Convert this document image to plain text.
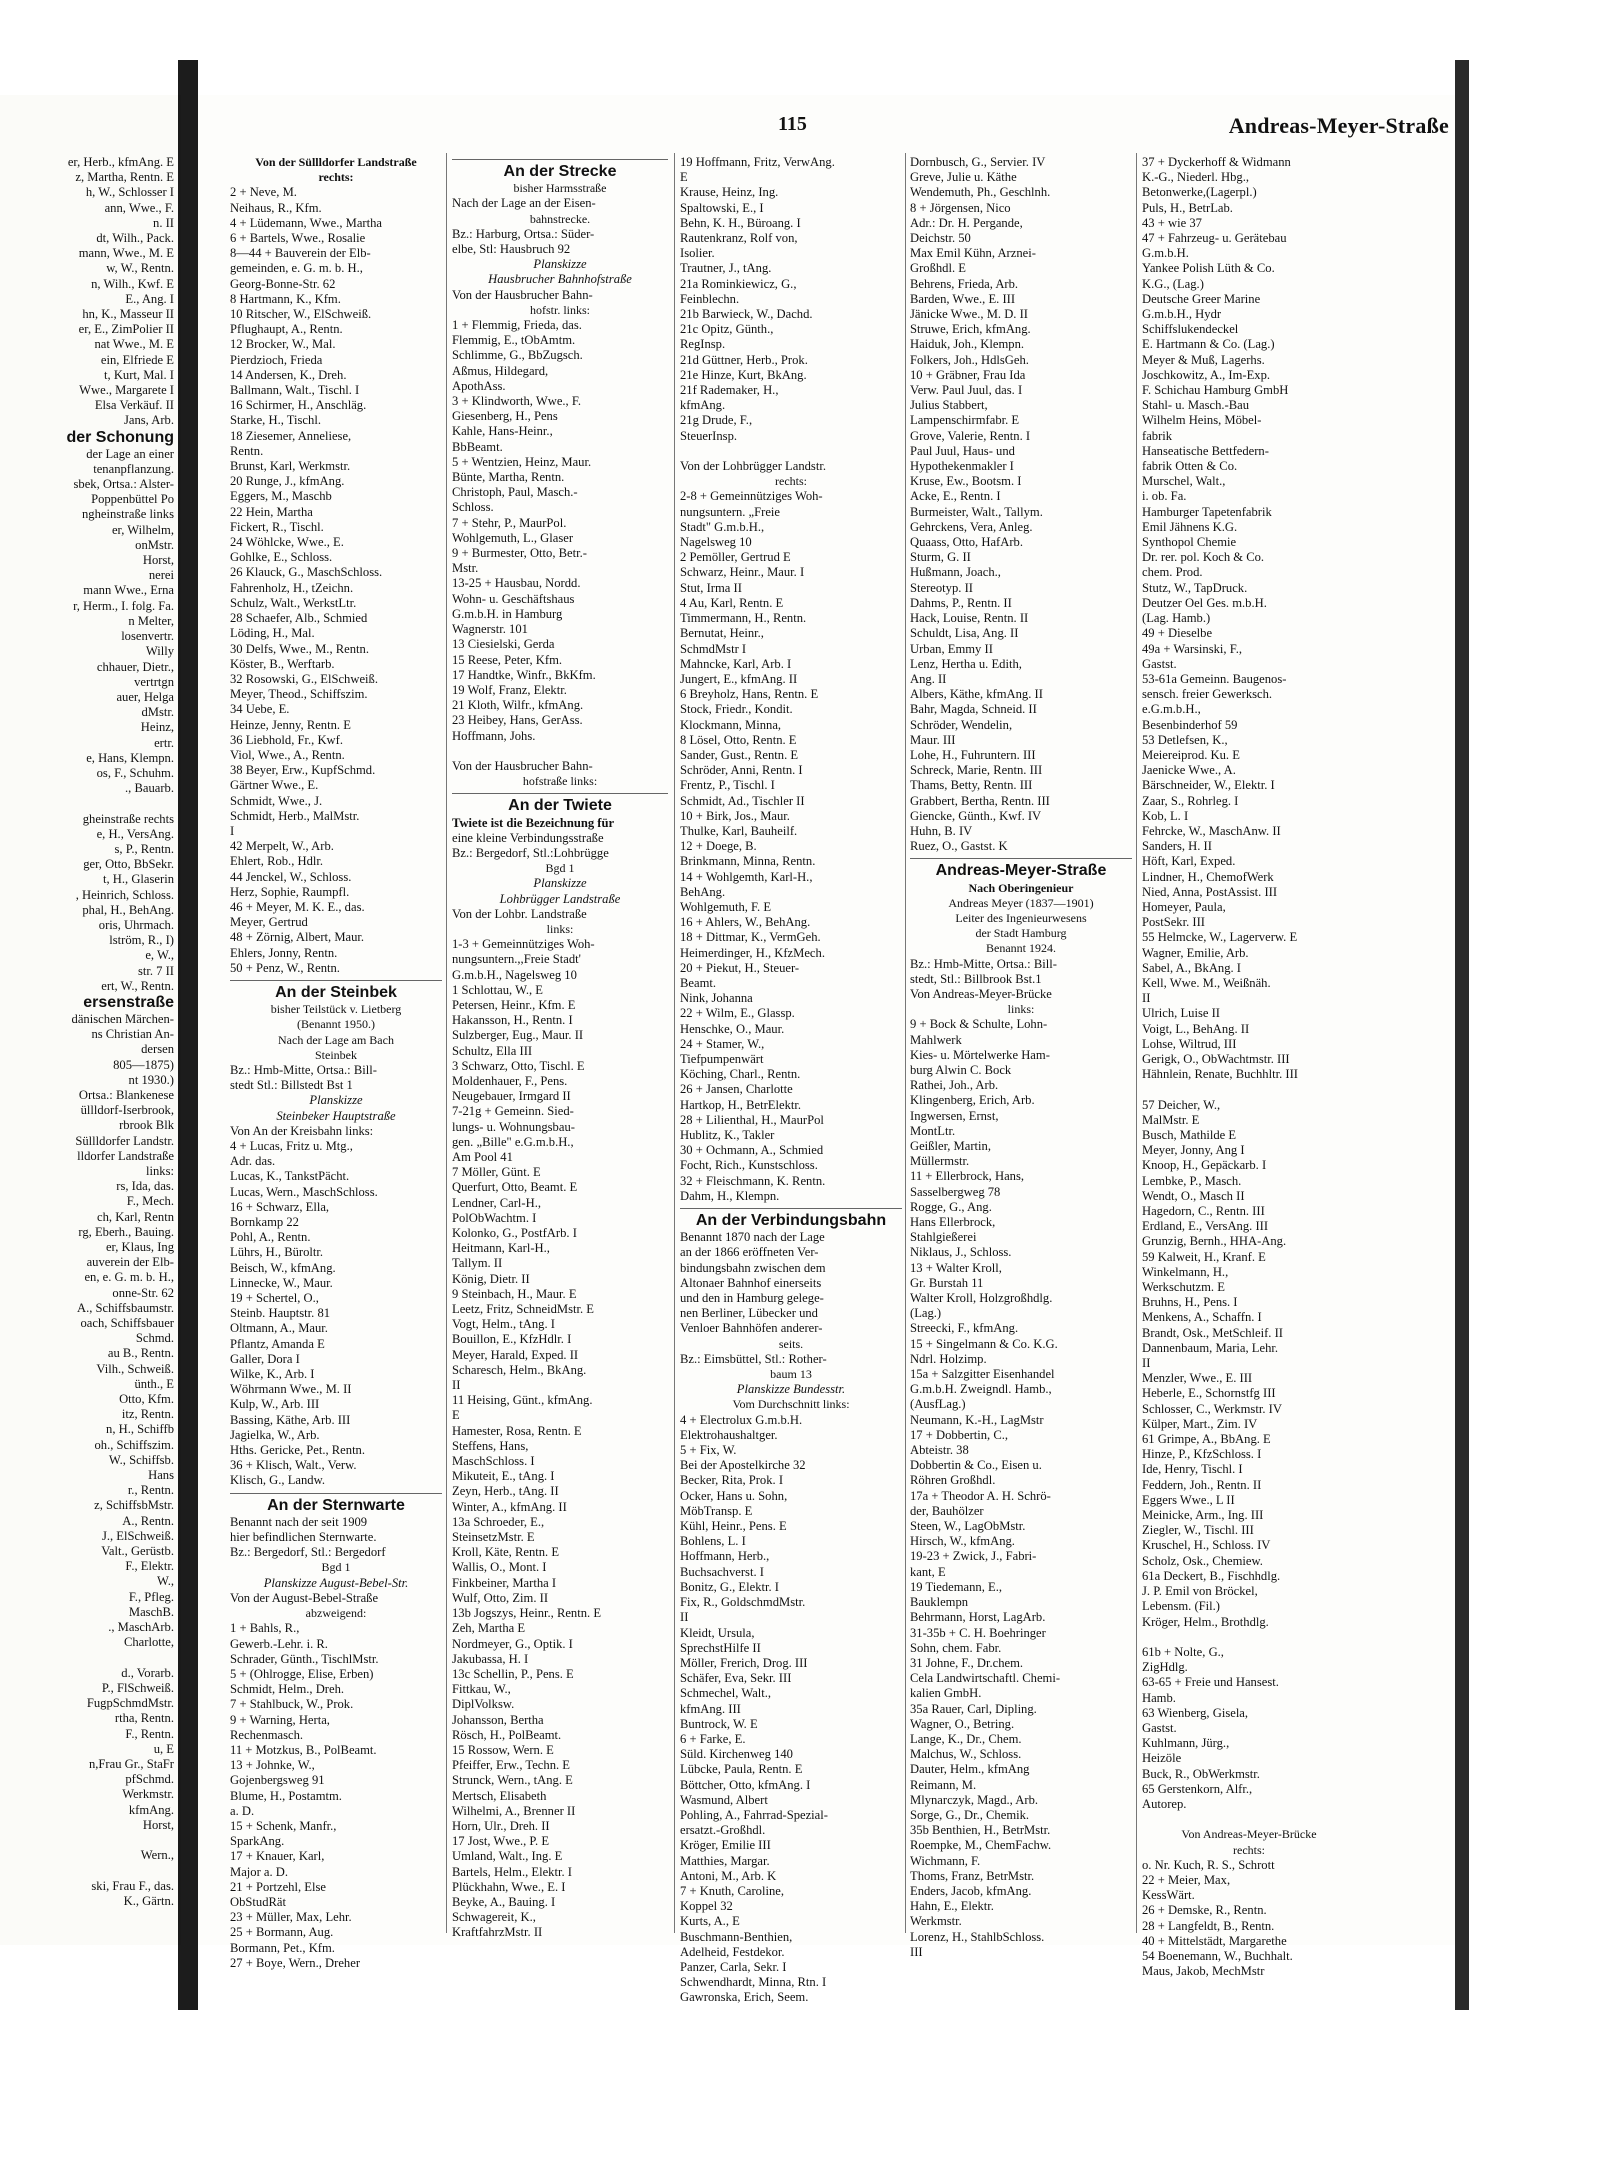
er, Herb., kfmAng. E
z, Martha, Rentn. E
h, W., Schlosser I
ann, Wwe., F.
n. II
dt, Wilh., Pack.
mann, Wwe., M. E
w, W., Rentn.
n, Wilh., Kwf. E
E., Ang. I
hn, K., Masseur II
er, E., ZimPolier II
nat Wwe., M. E
ein, Elfriede E
t, Kurt, Mal. I
Wwe., Margarete I
Elsa Verkäuf. II
Jans, Arb.
der Schonung
der Lage an einer
tenanpflanzung.
sbek, Ortsa.: Alster-
Poppenbüttel Po
ngheinstraße links
er, Wilhelm,
onMstr.
Horst,
nerei
mann Wwe., Erna
r, Herm., I. folg. Fa.
n Melter,
losenvertr.
Willy
chhauer, Dietr.,
vertrtgn
auer, Helga
dMstr.
Heinz,
ertr.
e, Hans, Klempn.
os, F., Schuhm.
., Bauarb.

gheinstraße rechts
e, H., VersAng.
s, P., Rentn.
ger, Otto, BbSekr.
t, H., Glaserin
, Heinrich, Schloss.
phal, H., BehAng.
oris, Uhrmach.
lström, R., I)
e, W.,
str. 7 II
ert, W., Rentn.
ersenstraße
dänischen Märchen-
ns Christian An-
dersen
805—1875)
nt 1930.)
Ortsa.: Blankenese
üllldorf-Iserbrook,
rbrook Blk
Süllldorfer Landstr.
lldorfer Landstraße
links:
rs, Ida, das.
F., Mech.
ch, Karl, Rentn
rg, Eberh., Bauing.
er, Klaus, Ing
auverein der Elb-
en, e. G. m. b. H.,
onne-Str. 62
A., Schiffsbaumstr.
oach, Schiffsbauer
Schmd.
au B., Rentn.
Vilh., Schweiß.
ünth., E
Otto, Kfm.
itz, Rentn.
n, H., Schiffb
oh., Schiffszim.
W., Schiffsb.
Hans
r., Rentn.
z, SchiffsbMstr.
A., Rentn.
J., ElSchweiß.
Valt., Gerüstb.
F., Elektr.
W.,
F., Pfleg.
MaschB.
., MaschArb.
Charlotte,

d., Vorarb.
P., FlSchweiß.
FugpSchmdMstr.
rtha, Rentn.
F., Rentn.
u, E
n,Frau Gr., StaFr
pfSchmd.
Werkmstr.
kfmAng.
Horst,

Wern.,

ski, Frau F., das.
K., Gärtn.
115	Andreas-Meyer-Straße
Von der Süllldorfer Landstraße
rechts:
2 + Neve, M.
Neihaus, R., Kfm.
4 + Lüdemann, Wwe., Martha
6 + Bartels, Wwe., Rosalie
8—44 + Bauverein der Elb-
gemeinden, e. G. m. b. H.,
Georg-Bonne-Str. 62
8 Hartmann, K., Kfm.
10 Ritscher, W., ElSchweiß.
Pflughaupt, A., Rentn.
12 Brocker, W., Mal.
Pierdzioch, Frieda
14 Andersen, K., Dreh.
Ballmann, Walt., Tischl. I
16 Schirmer, H., Anschläg.
Starke, H., Tischl.
18 Ziesemer, Anneliese,
Rentn.
Brunst, Karl, Werkmstr.
20 Runge, J., kfmAng.
Eggers, M., Maschb
22 Hein, Martha
Fickert, R., Tischl.
24 Wöhlcke, Wwe., E.
Gohlke, E., Schloss.
26 Klauck, G., MaschSchloss.
Fahrenholz, H., tZeichn.
Schulz, Walt., WerkstLtr.
28 Schaefer, Alb., Schmied
Löding, H., Mal.
30 Delfs, Wwe., M., Rentn.
Köster, B., Werftarb.
32 Rosowski, G., ElSchweiß.
Meyer, Theod., Schiffszim.
34 Uebe, E.
Heinze, Jenny, Rentn. E
36 Liebhold, Fr., Kwf.
Viol, Wwe., A., Rentn.
38 Beyer, Erw., KupfSchmd.
Gärtner Wwe., E.
Schmidt, Wwe., J.
Schmidt, Herb., MalMstr.
I
42 Merpelt, W., Arb.
Ehlert, Rob., Hdlr.
44 Jenckel, W., Schloss.
Herz, Sophie, Raumpfl.
46 + Meyer, M. K. E., das.
Meyer, Gertrud
48 + Zörnig, Albert, Maur.
Ehlers, Jonny, Rentn.
50 + Penz, W., Rentn.
An der Steinbek
bisher Teilstück v. Lietberg
(Benannt 1950.)
Nach der Lage am Bach
Steinbek
Bz.: Hmb-Mitte, Ortsa.: Bill-
stedt Stl.: Billstedt Bst 1
Planskizze
Steinbeker Hauptstraße
Von An der Kreisbahn links:
4 + Lucas, Fritz u. Mtg.,
Adr. das.
Lucas, K., TankstPächt.
Lucas, Wern., MaschSchloss.
16 + Schwarz, Ella,
Bornkamp 22
Pohl, A., Rentn.
Lührs, H., Büroltr.
Beisch, W., kfmAng.
Linnecke, W., Maur.
19 + Schertel, O.,
Steinb. Hauptstr. 81
Oltmann, A., Maur.
Pflantz, Amanda E
Galler, Dora I
Wilke, K., Arb. I
Wöhrmann Wwe., M. II
Kulp, W., Arb. III
Bassing, Käthe, Arb. III
Jagielka, W., Arb.
Hths. Gericke, Pet., Rentn.
36 + Klisch, Walt., Verw.
Klisch, G., Landw.
An der Sternwarte
Benannt nach der seit 1909
hier befindlichen Sternwarte.
Bz.: Bergedorf, Stl.: Bergedorf
Bgd 1
Planskizze August-Bebel-Str.
Von der August-Bebel-Straße
abzweigend:
1 + Bahls, R.,
Gewerb.-Lehr. i. R.
Schrader, Günth., TischlMstr.
5 + (Ohlrogge, Elise, Erben)
Schmidt, Helm., Dreh.
7 + Stahlbuck, W., Prok.
9 + Warning, Herta,
Rechenmasch.
11 + Motzkus, B., PolBeamt.
13 + Johnke, W.,
Gojenbergsweg 91
Blume, H., Postamtm.
a. D.
15 + Schenk, Manfr.,
SparkAng.
17 + Knauer, Karl,
Major a. D.
21 + Portzehl, Else
ObStudRät
23 + Müller, Max, Lehr.
25 + Bormann, Aug.
Bormann, Pet., Kfm.
27 + Boye, Wern., Dreher
An der Strecke
bisher Harmsstraße
Nach der Lage an der Eisen-
bahnstrecke.
Bz.: Harburg, Ortsa.: Süder-
elbe, Stl: Hausbruch 92
Planskizze
Hausbrucher Bahnhofstraße
Von der Hausbrucher Bahn-
hofstr. links:
1 + Flemmig, Frieda, das.
Flemmig, E., tObAmtm.
Schlimme, G., BbZugsch.
Aßmus, Hildegard,
ApothAss.
3 + Klindworth, Wwe., F.
Giesenberg, H., Pens
Kahle, Hans-Heinr.,
BbBeamt.
5 + Wentzien, Heinz, Maur.
Bünte, Martha, Rentn.
Christoph, Paul, Masch.-
Schloss.
7 + Stehr, P., MaurPol.
Wohlgemuth, L., Glaser
9 + Burmester, Otto, Betr.-
Mstr.
13-25 + Hausbau, Nordd.
Wohn- u. Geschäftshaus
G.m.b.H. in Hamburg
Wagnerstr. 101
13 Ciesielski, Gerda
15 Reese, Peter, Kfm.
17 Handtke, Winfr., BkKfm.
19 Wolf, Franz, Elektr.
21 Kloth, Wilfr., kfmAng.
23 Heibey, Hans, GerAss.
Hoffmann, Johs.

Von der Hausbrucher Bahn-
hofstraße links:
An der Twiete
Twiete ist die Bezeichnung für
eine kleine Verbindungsstraße
Bz.: Bergedorf, Stl.:Lohbrügge
Bgd 1
Planskizze
Lohbrügger Landstraße
Von der Lohbr. Landstraße
links:
1-3 + Gemeinnütziges Woh-
nungsuntern.,,Freie Stadt'
G.m.b.H., Nagelsweg 10
1 Schlottau, W., E
Petersen, Heinr., Kfm. E
Hakansson, H., Rentn. I
Sulzberger, Eug., Maur. II
Schultz, Ella III
3 Schwarz, Otto, Tischl. E
Moldenhauer, F., Pens.
Neugebauer, Irmgard II
7-21g + Gemeinn. Sied-
lungs- u. Wohnungsbau-
gen. „Bille" e.G.m.b.H.,
Am Pool 41
7 Möller, Günt. E
Querfurt, Otto, Beamt. E
Lendner, Carl-H.,
PolObWachtm. I
Kolonko, G., PostfArb. I
Heitmann, Karl-H.,
Tallym. II
König, Dietr. II
9 Steinbach, H., Maur. E
Leetz, Fritz, SchneidMstr. E
Vogt, Helm., tAng. I
Bouillon, E., KfzHdlr. I
Meyer, Harald, Exped. II
Scharesch, Helm., BkAng.
II
11 Heising, Günt., kfmAng.
E
Hamester, Rosa, Rentn. E
Steffens, Hans,
MaschSchloss. I
Mikuteit, E., tAng. I
Zeyn, Herb., tAng. II
Winter, A., kfmAng. II
13a Schroeder, E.,
SteinsetzMstr. E
Kroll, Käte, Rentn. E
Wallis, O., Mont. I
Finkbeiner, Martha I
Wulf, Otto, Zim. II
13b Jogszys, Heinr., Rentn. E
Zeh, Martha E
Nordmeyer, G., Optik. I
Jakubassa, H. I
13c Schellin, P., Pens. E
Fittkau, W.,
DiplVolksw.
Johansson, Bertha
Rösch, H., PolBeamt.
15 Rossow, Wern. E
Pfeiffer, Erw., Techn. E
Strunck, Wern., tAng. E
Mertsch, Elisabeth
Wilhelmi, A., Brenner II
Horn, Ulr., Dreh. II
17 Jost, Wwe., P. E
Umland, Walt., Ing. E
Bartels, Helm., Elektr. I
Plückhahn, Wwe., E. I
Beyke, A., Bauing. I
Schwagereit, K.,
KraftfahrzMstr. II
19 Hoffmann, Fritz, VerwAng.
E
Krause, Heinz, Ing.
Spaltowski, E., I
Behn, K. H., Büroang. I
Rautenkranz, Rolf von,
Isolier.
Trautner, J., tAng.
21a Rominkiewicz, G.,
Feinblechn.
21b Barwieck, W., Dachd.
21c Opitz, Günth.,
RegInsp.
21d Güttner, Herb., Prok.
21e Hinze, Kurt, BkAng.
21f Rademaker, H.,
kfmAng.
21g Drude, F.,
SteuerInsp.

Von der Lohbrügger Landstr.
rechts:
2-8 + Gemeinnütziges Woh-
nungsuntern. „Freie
Stadt" G.m.b.H.,
Nagelsweg 10
2 Pemöller, Gertrud E
Schwarz, Heinr., Maur. I
Stut, Irma II
4 Au, Karl, Rentn. E
Timmermann, H., Rentn.
Bernutat, Heinr.,
SchmdMstr I
Mahncke, Karl, Arb. I
Jungert, E., kfmAng. II
6 Breyholz, Hans, Rentn. E
Stock, Friedr., Kondit.
Klockmann, Minna,
8 Lösel, Otto, Rentn. E
Sander, Gust., Rentn. E
Schröder, Anni, Rentn. I
Frentz, P., Tischl. I
Schmidt, Ad., Tischler II
10 + Birk, Jos., Maur.
Thulke, Karl, Bauheilf.
12 + Doege, B.
Brinkmann, Minna, Rentn.
14 + Wohlgemth, Karl-H.,
BehAng.
Wohlgemuth, F. E
16 + Ahlers, W., BehAng.
18 + Dittmar, K., VermGeh.
Heimerdinger, H., KfzMech.
20 + Piekut, H., Steuer-
Beamt.
Nink, Johanna
22 + Wilm, E., Glassp.
Henschke, O., Maur.
24 + Stamer, W.,
Tiefpumpenwärt
Köching, Charl., Rentn.
26 + Jansen, Charlotte
Hartkop, H., BetrElektr.
28 + Lilienthal, H., MaurPol
Hublitz, K., Takler
30 + Ochmann, A., Schmied
Focht, Rich., Kunstschloss.
32 + Fleischmann, K. Rentn.
Dahm, H., Klempn.
An der Verbindungsbahn
Benannt 1870 nach der Lage
an der 1866 eröffneten Ver-
bindungsbahn zwischen dem
Altonaer Bahnhof einerseits
und den in Hamburg gelege-
nen Berliner, Lübecker und
Venloer Bahnhöfen anderer-
seits.
Bz.: Eimsbüttel, Stl.: Rother-
baum 13
Planskizze Bundesstr.
Vom Durchschnitt links:
4 + Electrolux G.m.b.H.
Elektrohaushaltger.
5 + Fix, W.
Bei der Apostelkirche 32
Becker, Rita, Prok. I
Ocker, Hans u. Sohn,
MöbTransp. E
Kühl, Heinr., Pens. E
Bohlens, L. I
Hoffmann, Herb.,
Buchsachverst. I
Bonitz, G., Elektr. I
Fix, R., GoldschmdMstr.
II
Kleidt, Ursula,
SprechstHilfe II
Möller, Frerich, Drog. III
Schäfer, Eva, Sekr. III
Schmechel, Walt.,
kfmAng. III
Buntrock, W. E
6 + Farke, E.
Süld. Kirchenweg 140
Lübcke, Paula, Rentn. E
Böttcher, Otto, kfmAng. I
Wasmund, Albert
Pohling, A., Fahrrad-Spezial-
ersatzt.-Großhdl.
Kröger, Emilie III
Matthies, Margar.
Antoni, M., Arb. K
7 + Knuth, Caroline,
Koppel 32
Kurts, A., E
Buschmann-Benthien,
Adelheid, Festdekor.
Panzer, Carla, Sekr. I
Schwendhardt, Minna, Rtn. I
Gawronska, Erich, Seem.
Dornbusch, G., Servier. IV
Greve, Julie u. Käthe
Wendemuth, Ph., Geschlnh.
8 + Jörgensen, Nico
Adr.: Dr. H. Pergande,
Deichstr. 50
Max Emil Kühn, Arznei-
Großhdl. E
Behrens, Frieda, Arb.
Barden, Wwe., E. III
Jänicke Wwe., M. D. II
Struwe, Erich, kfmAng.
Haiduk, Joh., Klempn.
Folkers, Joh., HdlsGeh.
10 + Gräbner, Frau Ida
Verw. Paul Juul, das. I
Julius Stabbert,
Lampenschirmfabr. E
Grove, Valerie, Rentn. I
Paul Juul, Haus- und
Hypothekenmakler I
Kruse, Ew., Bootsm. I
Acke, E., Rentn. I
Burmeister, Walt., Tallym.
Gehrckens, Vera, Anleg.
Quaass, Otto, HafArb.
Sturm, G. II
Hußmann, Joach.,
Stereotyp. II
Dahms, P., Rentn. II
Hack, Louise, Rentn. II
Schuldt, Lisa, Ang. II
Urban, Emmy II
Lenz, Hertha u. Edith,
Ang. II
Albers, Käthe, kfmAng. II
Bahr, Magda, Schneid. II
Schröder, Wendelin,
Maur. III
Lohe, H., Fuhruntern. III
Schreck, Marie, Rentn. III
Thams, Betty, Rentn. III
Grabbert, Bertha, Rentn. III
Giencke, Günth., Kwf. IV
Huhn, B. IV
Ruez, O., Gastst. K
Andreas-Meyer-Straße
Nach Oberingenieur
Andreas Meyer (1837—1901)
Leiter des Ingenieurwesens
der Stadt Hamburg
Benannt 1924.
Bz.: Hmb-Mitte, Ortsa.: Bill-
stedt, Stl.: Billbrook Bst.1
Von Andreas-Meyer-Brücke
links:
9 + Bock & Schulte, Lohn-
Mahlwerk
Kies- u. Mörtelwerke Ham-
burg Alwin C. Bock
Rathei, Joh., Arb.
Klingenberg, Erich, Arb.
Ingwersen, Ernst,
MontLtr.
Geißler, Martin,
Müllermstr.
11 + Ellerbrock, Hans,
Sasselbergweg 78
Rogge, G., Ang.
Hans Ellerbrock,
Stahlgießerei
Niklaus, J., Schloss.
13 + Walter Kroll,
Gr. Burstah 11
Walter Kroll, Holzgroßhdlg.
(Lag.)
Streecki, F., kfmAng.
15 + Singelmann & Co. K.G.
Ndrl. Holzimp.
15a + Salzgitter Eisenhandel
G.m.b.H. Zweigndl. Hamb.,
(AusfLag.)
Neumann, K.-H., LagMstr
17 + Dobbertin, C.,
Abteistr. 38
Dobbertin & Co., Eisen u.
Röhren Großhdl.
17a + Theodor A. H. Schrö-
der, Bauhölzer
Steen, W., LagObMstr.
Hirsch, W., kfmAng.
19-23 + Zwick, J., Fabri-
kant, E
19 Tiedemann, E.,
Bauklempn
Behrmann, Horst, LagArb.
31-35b + C. H. Boehringer
Sohn, chem. Fabr.
31 Johne, F., Dr.chem.
Cela Landwirtschaftl. Chemi-
kalien GmbH.
35a Rauer, Carl, Dipling.
Wagner, O., Betring.
Lange, K., Dr., Chem.
Malchus, W., Schloss.
Dauter, Helm., kfmAng
Reimann, M.
Mlynarczyk, Magd., Arb.
Sorge, G., Dr., Chemik.
35b Benthien, H., BetrMstr.
Roempke, M., ChemFachw.
Wichmann, F.
Thoms, Franz, BetrMstr.
Enders, Jacob, kfmAng.
Hahn, E., Elektr.
Werkmstr.
Lorenz, H., StahlbSchloss.
III
37 + Dyckerhoff & Widmann
K.-G., Niederl. Hbg.,
Betonwerke,(Lagerpl.)
Puls, H., BetrLab.
43 + wie 37
47 + Fahrzeug- u. Gerätebau
G.m.b.H.
Yankee Polish Lüth & Co.
K.G., (Lag.)
Deutsche Greer Marine
G.m.b.H., Hydr
Schiffslukendeckel
E. Hartmann & Co. (Lag.)
Meyer & Muß, Lagerhs.
Joschkowitz, A., Im-Exp.
F. Schichau Hamburg GmbH
Stahl- u. Masch.-Bau
Wilhelm Heins, Möbel-
fabrik
Hanseatische Bettfedern-
fabrik Otten & Co.
Murschel, Walt.,
i. ob. Fa.
Hamburger Tapetenfabrik
Emil Jähnens K.G.
Synthopol Chemie
Dr. rer. pol. Koch & Co.
chem. Prod.
Stutz, W., TapDruck.
Deutzer Oel Ges. m.b.H.
(Lag. Hamb.)
49 + Dieselbe
49a + Warsinski, F.,
Gastst.
53-61a Gemeinn. Baugenos-
sensch. freier Gewerksch.
e.G.m.b.H.,
Besenbinderhof 59
53 Detlefsen, K.,
Meiereiprod. Ku. E
Jaenicke Wwe., A.
Bärschneider, W., Elektr. I
Zaar, S., Rohrleg. I
Kob, L. I
Fehrcke, W., MaschAnw. II
Sanders, H. II
Höft, Karl, Exped.
Lindner, H., ChemofWerk
Nied, Anna, PostAssist. III
Homeyer, Paula,
PostSekr. III
55 Helmcke, W., Lagerverw. E
Wagner, Emilie, Arb.
Sabel, A., BkAng. I
Kell, Wwe. M., Weißnäh.
II
Ulrich, Luise II
Voigt, L., BehAng. II
Lohse, Wiltrud, III
Gerigk, O., ObWachtmstr. III
Hähnlein, Renate, Buchhltr. III

57 Deicher, W.,
MalMstr. E
Busch, Mathilde E
Meyer, Jonny, Ang I
Knoop, H., Gepäckarb. I
Lembke, P., Masch.
Wendt, O., Masch II
Hagedorn, C., Rentn. III
Erdland, E., VersAng. III
Grunzig, Bernh., HHA-Ang.
59 Kalweit, H., Kranf. E
Winkelmann, H.,
Werkschutzm. E
Bruhns, H., Pens. I
Menkens, A., Schaffn. I
Brandt, Osk., MetSchleif. II
Dannenbaum, Maria, Lehr.
II
Menzler, Wwe., E. III
Heberle, E., Schornstfg III
Schlosser, C., Werkmstr. IV
Külper, Mart., Zim. IV
61 Grimpe, A., BbAng. E
Hinze, P., KfzSchloss. I
Ide, Henry, Tischl. I
Feddern, Joh., Rentn. II
Eggers Wwe., L II
Meinicke, Arm., Ing. III
Ziegler, W., Tischl. III
Kruschel, H., Schloss. IV
Scholz, Osk., Chemiew.
61a Deckert, B., Fischhdlg.
J. P. Emil von Bröckel,
Lebensm. (Fil.)
Kröger, Helm., Brothdlg.

61b + Nolte, G.,
ZigHdlg.
63-65 + Freie und Hansest.
Hamb.
63 Wienberg, Gisela,
Gastst.
Kuhlmann, Jürg.,
Heizöle
Buck, R., ObWerkmstr.
65 Gerstenkorn, Alfr.,
Autorep.

Von Andreas-Meyer-Brücke
rechts:
o. Nr. Kuch, R. S., Schrott
22 + Meier, Max,
KessWärt.
26 + Demske, R., Rentn.
28 + Langfeldt, B., Rentn.
40 + Mittelstädt, Margarethe
54 Boenemann, W., Buchhalt.
Maus, Jakob, MechMstr
